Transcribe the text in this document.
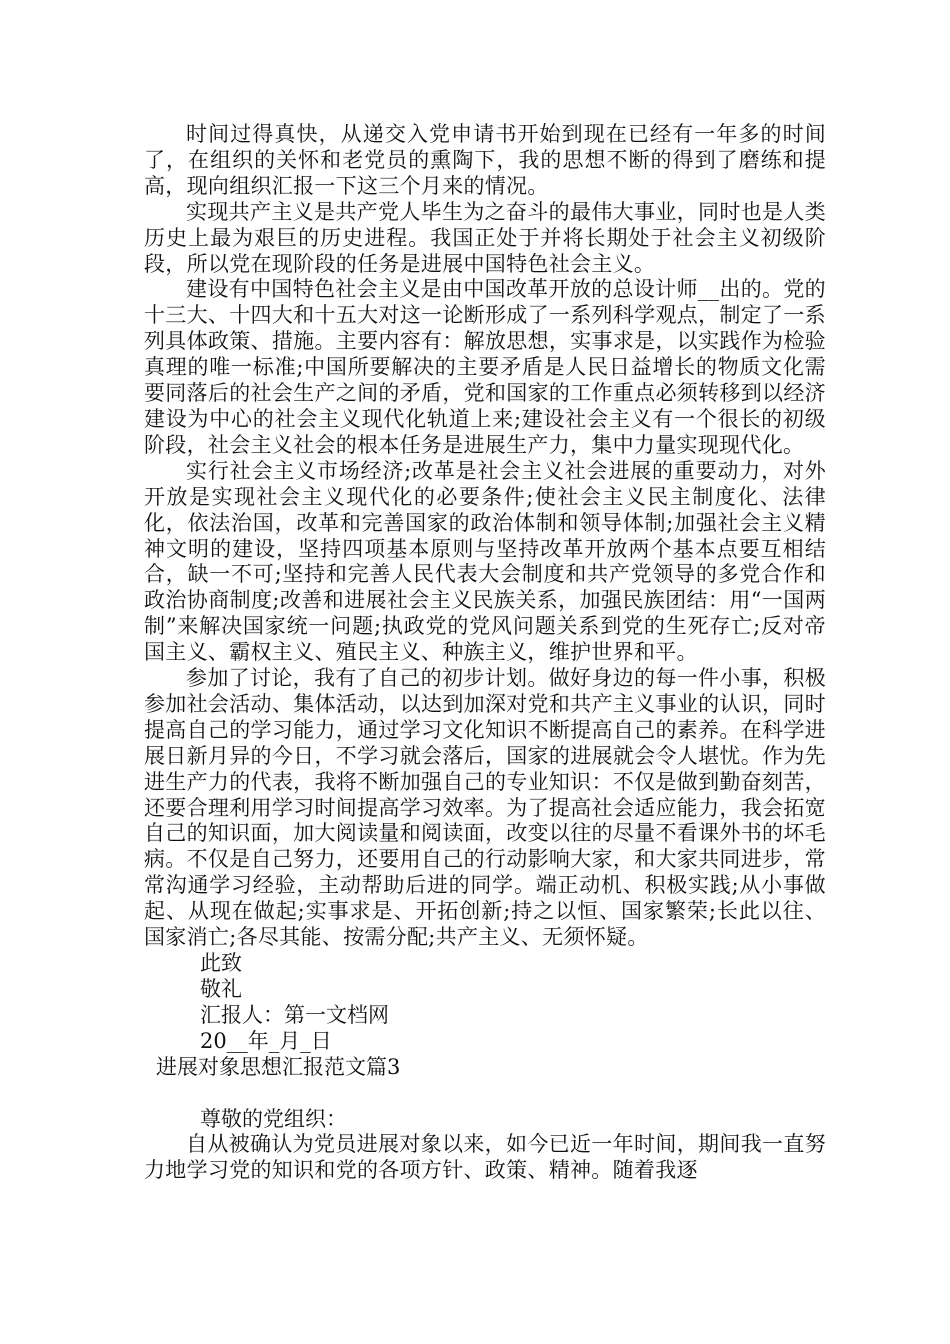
时间过得真快，从递交入党申请书开始到现在已经有一年多的时间了，在组织的关怀和老党员的熏陶下，我的思想不断的得到了磨练和提高，现向组织汇报一下这三个月来的情况。

实现共产主义是共产党人毕生为之奋斗的最伟大事业，同时也是人类历史上最为艰巨的历史进程。我国正处于并将长期处于社会主义初级阶段，所以党在现阶段的任务是进展中国特色社会主义。

建设有中国特色社会主义是由中国改革开放的总设计师__出的。党的十三大、十四大和十五大对这一论断形成了一系列科学观点，制定了一系列具体政策、措施。主要内容有：解放思想，实事求是，以实践作为检验真理的唯一标准;中国所要解决的主要矛盾是人民日益增长的物质文化需要同落后的社会生产之间的矛盾，党和国家的工作重点必须转移到以经济建设为中心的社会主义现代化轨道上来;建设社会主义有一个很长的初级阶段，社会主义社会的根本任务是进展生产力，集中力量实现现代化。

实行社会主义市场经济;改革是社会主义社会进展的重要动力，对外开放是实现社会主义现代化的必要条件;使社会主义民主制度化、法律化，依法治国，改革和完善国家的政治体制和领导体制;加强社会主义精神文明的建设，坚持四项基本原则与坚持改革开放两个基本点要互相结合，缺一不可;坚持和完善人民代表大会制度和共产党领导的多党合作和政治协商制度;改善和进展社会主义民族关系，加强民族团结：用“一国两制”来解决国家统一问题;执政党的党风问题关系到党的生死存亡;反对帝国主义、霸权主义、殖民主义、种族主义，维护世界和平。

参加了讨论，我有了自己的初步计划。做好身边的每一件小事，积极参加社会活动、集体活动，以达到加深对党和共产主义事业的认识，同时提高自己的学习能力，通过学习文化知识不断提高自己的素养。在科学进展日新月异的今日，不学习就会落后，国家的进展就会令人堪忧。作为先进生产力的代表，我将不断加强自己的专业知识：不仅是做到勤奋刻苦，还要合理利用学习时间提高学习效率。为了提高社会适应能力，我会拓宽自己的知识面，加大阅读量和阅读面，改变以往的尽量不看课外书的坏毛病。不仅是自己努力，还要用自己的行动影响大家，和大家共同进步，常常沟通学习经验，主动帮助后进的同学。端正动机、积极实践;从小事做起、从现在做起;实事求是、开拓创新;持之以恒、国家繁荣;长此以往、国家消亡;各尽其能、按需分配;共产主义、无须怀疑。

此致

敬礼

汇报人：第一文档网

20__年_月_日

进展对象思想汇报范文篇3

尊敬的党组织：

自从被确认为党员进展对象以来，如今已近一年时间，期间我一直努力地学习党的知识和党的各项方针、政策、精神。随着我逐
